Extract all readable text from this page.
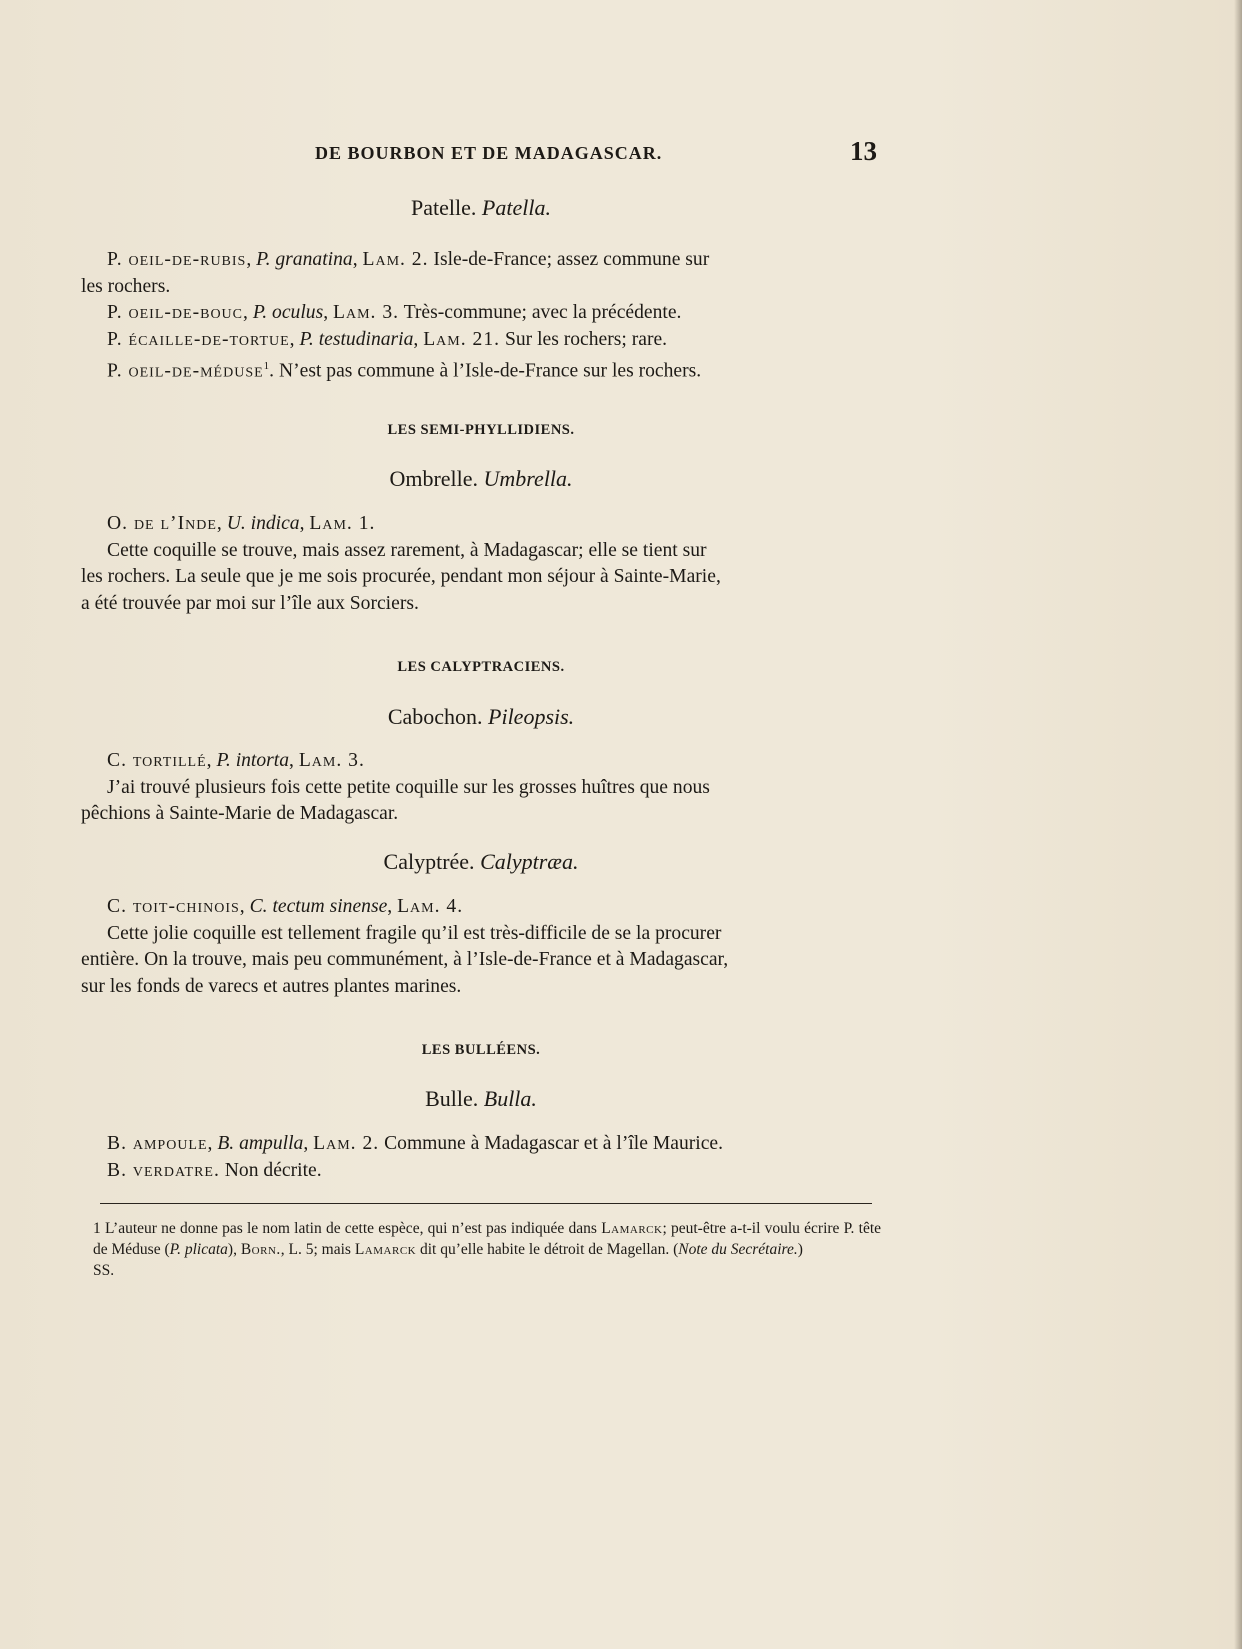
DE BOURBON ET DE MADAGASCAR.	13
Patelle. Patella.
P. oeil-de-rubis, P. granatina, Lam. 2. Isle-de-France; assez commune sur
les rochers.
P. oeil-de-bouc, P. oculus, Lam. 3. Très-commune; avec la précédente.
P. écaille-de-tortue, P. testudinaria, Lam. 21. Sur les rochers; rare.
P. oeil-de-méduse$^1$. N’est pas commune à l’Isle-de-France sur les rochers.
LES SEMI-PHYLLIDIENS.
Ombrelle. Umbrella.
O. de l’Inde, U. indica, Lam. 1.
Cette coquille se trouve, mais assez rarement, à Madagascar; elle se tient sur
les rochers. La seule que je me sois procurée, pendant mon séjour à Sainte-Marie,
a été trouvée par moi sur l’île aux Sorciers.
LES CALYPTRACIENS.
Cabochon. Pileopsis.
C. tortillé, P. intorta, Lam. 3.
J’ai trouvé plusieurs fois cette petite coquille sur les grosses huîtres que nous
pêchions à Sainte-Marie de Madagascar.
Calyptrée. Calyptræa.
C. toit-chinois, C. tectum sinense, Lam. 4.
Cette jolie coquille est tellement fragile qu’il est très-difficile de se la procurer
entière. On la trouve, mais peu communément, à l’Isle-de-France et à Madagascar,
sur les fonds de varecs et autres plantes marines.
LES BULLÉENS.
Bulle. Bulla.
B. ampoule, B. ampulla, Lam. 2. Commune à Madagascar et à l’île Maurice.
B. verdatre. Non décrite.
1 L’auteur ne donne pas le nom latin de cette espèce, qui n’est pas indiquée dans Lamarck; peut-être a-t-il voulu écrire P. tête de Méduse (P. plicata), Born., L. 5; mais Lamarck dit qu’elle habite le détroit de Magellan. (Note du Secrétaire.)
SS.
